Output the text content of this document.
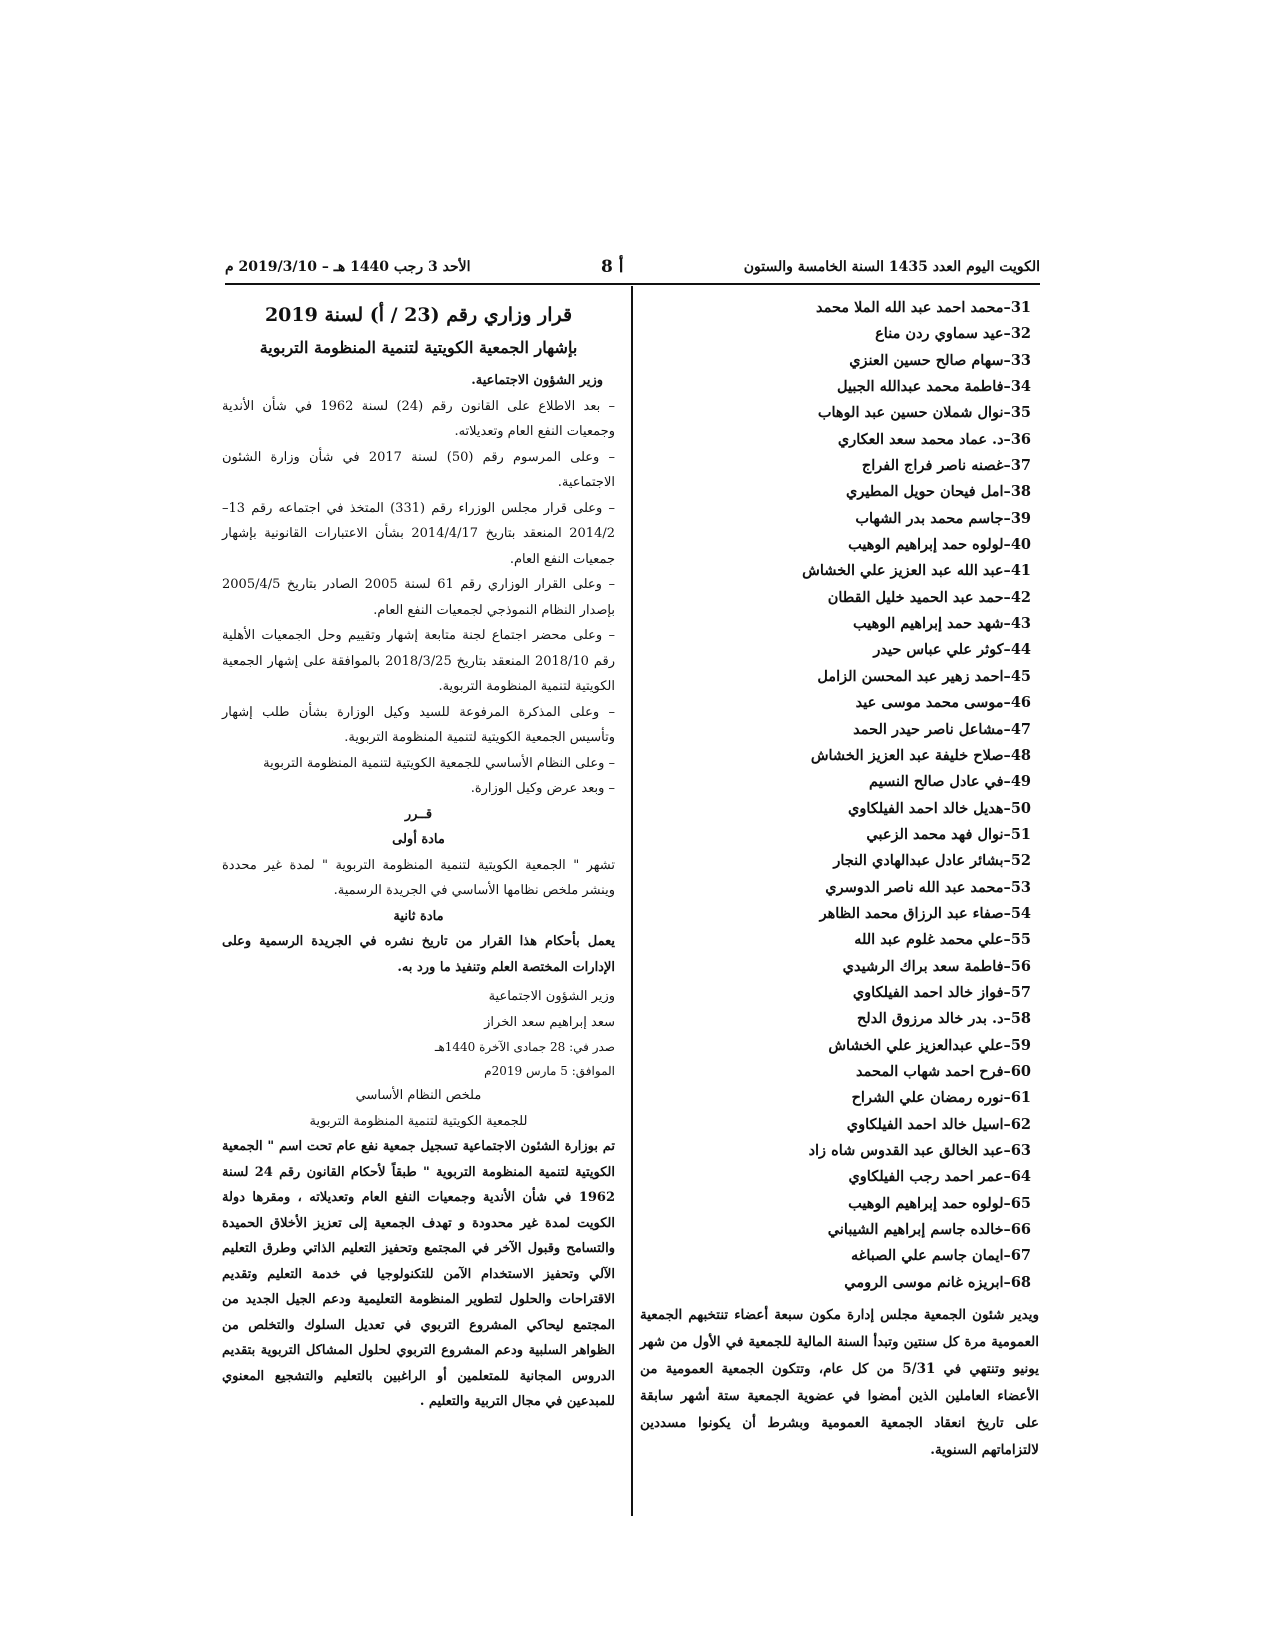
الكويت اليوم العدد 1435 السنة الخامسة والستون
8 أ
الأحد 3 رجب 1440 هـ – 2019/3/10 م
31–محمد احمد عبد الله الملا محمد
32–عيد سماوي ردن مناع
33–سهام صالح حسين العنزي
34–فاطمة محمد عبدالله الجبيل
35–نوال شملان حسين عبد الوهاب
36–د. عماد محمد سعد العكاري
37–غصنه ناصر فراج الفراج
38–امل فيحان حويل المطيري
39–جاسم محمد بدر الشهاب
40–لولوه حمد إبراهيم الوهيب
41–عبد الله عبد العزيز علي الخشاش
42–حمد عبد الحميد خليل القطان
43–شهد حمد إبراهيم الوهيب
44–كوثر علي عباس حيدر
45–احمد زهير عبد المحسن الزامل
46–موسى محمد موسى عيد
47–مشاعل ناصر حيدر الحمد
48–صلاح خليفة عبد العزيز الخشاش
49–في عادل صالح النسيم
50–هديل خالد احمد الفيلكاوي
51–نوال فهد محمد الزعبي
52–بشائر عادل عبدالهادي النجار
53–محمد عبد الله ناصر الدوسري
54–صفاء عبد الرزاق محمد الظاهر
55–علي محمد غلوم عبد الله
56–فاطمة سعد براك الرشيدي
57–فواز خالد احمد الفيلكاوي
58–د. بدر خالد مرزوق الدلح
59–علي عبدالعزيز علي الخشاش
60–فرح احمد شهاب المحمد
61–نوره رمضان علي الشراح
62–اسيل خالد احمد الفيلكاوي
63–عبد الخالق عبد القدوس شاه زاد
64–عمر احمد رجب الفيلكاوي
65–لولوه حمد إبراهيم الوهيب
66–خالده جاسم إبراهيم الشيباني
67–ايمان جاسم علي الصباغه
68–ابريزه غانم موسى الرومي
ويدير شئون الجمعية مجلس إدارة مكون سبعة أعضاء تنتخبهم الجمعية العمومية مرة كل سنتين وتبدأ السنة المالية للجمعية في الأول من شهر يونيو وتنتهي في 5/31 من كل عام، وتتكون الجمعية العمومية من الأعضاء العاملين الذين أمضوا في عضوية الجمعية ستة أشهر سابقة على تاريخ انعقاد الجمعية العمومية وبشرط أن يكونوا مسددين لالتزاماتهم السنوية.
قرار وزاري رقم (23 / أ) لسنة 2019
بإشهار الجمعية الكويتية لتنمية المنظومة التربوية
وزير الشؤون الاجتماعية.
– بعد الاطلاع على القانون رقم (24) لسنة 1962 في شأن الأندية وجمعيات النفع العام وتعديلاته.
– وعلى المرسوم رقم (50) لسنة 2017 في شأن وزارة الشئون الاجتماعية.
– وعلى قرار مجلس الوزراء رقم (331) المتخذ في اجتماعه رقم 13–2014/2 المنعقد بتاريخ 2014/4/17 بشأن الاعتبارات القانونية بإشهار جمعيات النفع العام.
– وعلى القرار الوزاري رقم 61 لسنة 2005 الصادر بتاريخ 2005/4/5 بإصدار النظام النموذجي لجمعيات النفع العام.
– وعلى محضر اجتماع لجنة متابعة إشهار وتقييم وحل الجمعيات الأهلية رقم 2018/10 المنعقد بتاريخ 2018/3/25 بالموافقة على إشهار الجمعية الكويتية لتنمية المنظومة التربوية.
– وعلى المذكرة المرفوعة للسيد وكيل الوزارة بشأن طلب إشهار وتأسيس الجمعية الكويتية لتنمية المنظومة التربوية.
– وعلى النظام الأساسي للجمعية الكويتية لتنمية المنظومة التربوية
– وبعد عرض وكيل الوزارة.
قــرر
مادة أولى
تشهر " الجمعية الكويتية لتنمية المنظومة التربوية " لمدة غير محددة وينشر ملخص نظامها الأساسي في الجريدة الرسمية.
مادة ثانية
يعمل بأحكام هذا القرار من تاريخ نشره في الجريدة الرسمية وعلى الإدارات المختصة العلم وتنفيذ ما ورد به.
وزير الشؤون الاجتماعية
سعد إبراهيم سعد الخراز
صدر في: 28 جمادى الآخرة 1440هـ
الموافق: 5 مارس 2019م
ملخص النظام الأساسي
للجمعية الكويتية لتنمية المنظومة التربوية
تم بوزارة الشئون الاجتماعية تسجيل جمعية نفع عام تحت اسم " الجمعية الكويتية لتنمية المنظومة التربوية " طبقاً لأحكام القانون رقم 24 لسنة 1962 في شأن الأندية وجمعيات النفع العام وتعديلاته ، ومقرها دولة الكويت لمدة غير محدودة و تهدف الجمعية إلى تعزيز الأخلاق الحميدة والتسامح وقبول الآخر في المجتمع وتحفيز التعليم الذاتي وطرق التعليم الآلي وتحفيز الاستخدام الآمن للتكنولوجيا في خدمة التعليم وتقديم الاقتراحات والحلول لتطوير المنظومة التعليمية ودعم الجيل الجديد من المجتمع ليحاكي المشروع التربوي في تعديل السلوك والتخلص من الظواهر السلبية ودعم المشروع التربوي لحلول المشاكل التربوية بتقديم الدروس المجانية للمتعلمين أو الراغبين بالتعليم والتشجيع المعنوي للمبدعين في مجال التربية والتعليم .
